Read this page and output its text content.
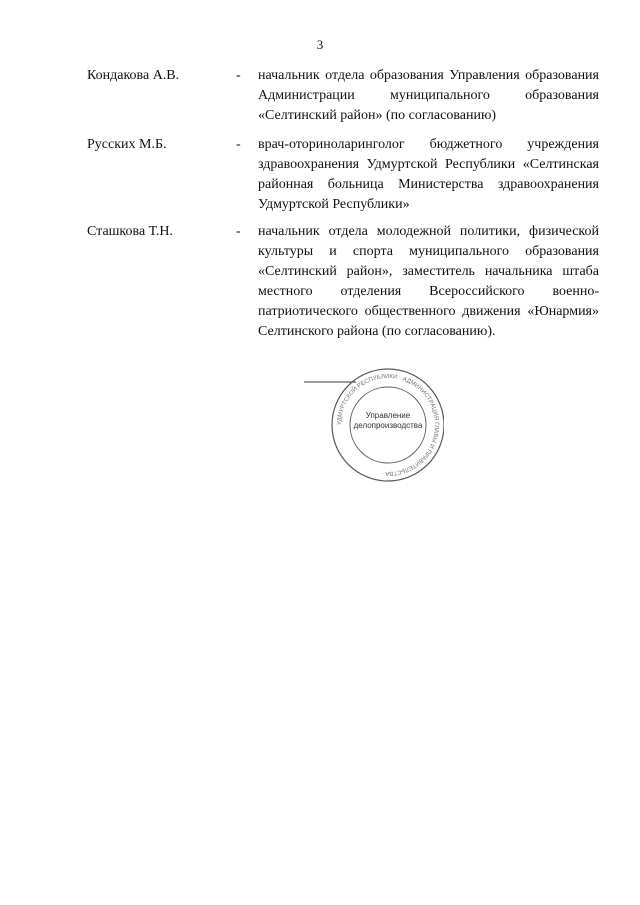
3
Кондакова А.В.	- начальник отдела образования Управления образования Администрации муниципального образования «Селтинский район» (по согласованию)
Русских М.Б.	- врач-оториноларинголог бюджетного учреждения здравоохранения Удмуртской Республики «Селтинская районная больница Министерства здравоохранения Удмуртской Республики»
Сташкова Т.Н.	- начальник отдела молодежной политики, физической культуры и спорта муниципального образования «Селтинский район», заместитель начальника штаба местного отделения Всероссийского военно-патриотического общественного движения «Юнармия» Селтинского района (по согласованию).
УДМУРТСКОЙ РЕСПУБЛИКИ · АДМИНИСТРАЦИЯ ГЛАВЫ И ПРАВИТЕЛЬСТВА ·
Управление
делопроизводства
